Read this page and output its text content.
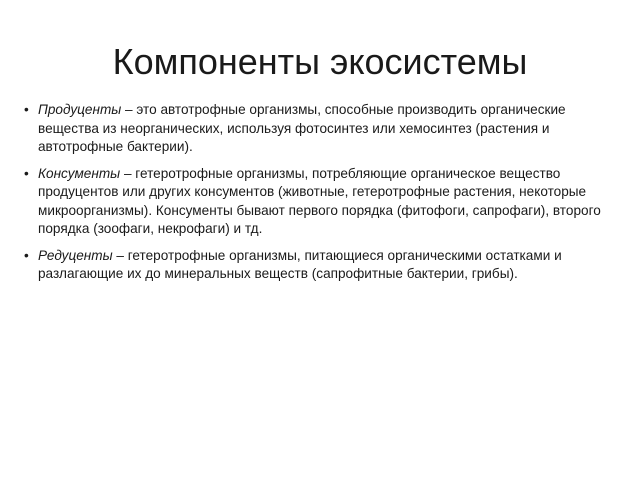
Компоненты экосистемы
• Продуценты – это автотрофные организмы, способные производить органические вещества из неорганических, используя фотосинтез или хемосинтез (растения и автотрофные бактерии).
• Консументы – гетеротрофные организмы, потребляющие органическое вещество продуцентов или других консументов (животные, гетеротрофные растения, некоторые микроорганизмы). Консументы бывают первого порядка (фитофоги, сапрофаги), второго порядка (зоофаги, некрофаги) и тд.
• Редуценты – гетеротрофные организмы, питающиеся органическими остатками и разлагающие их до минеральных веществ (сапрофитные бактерии, грибы).
